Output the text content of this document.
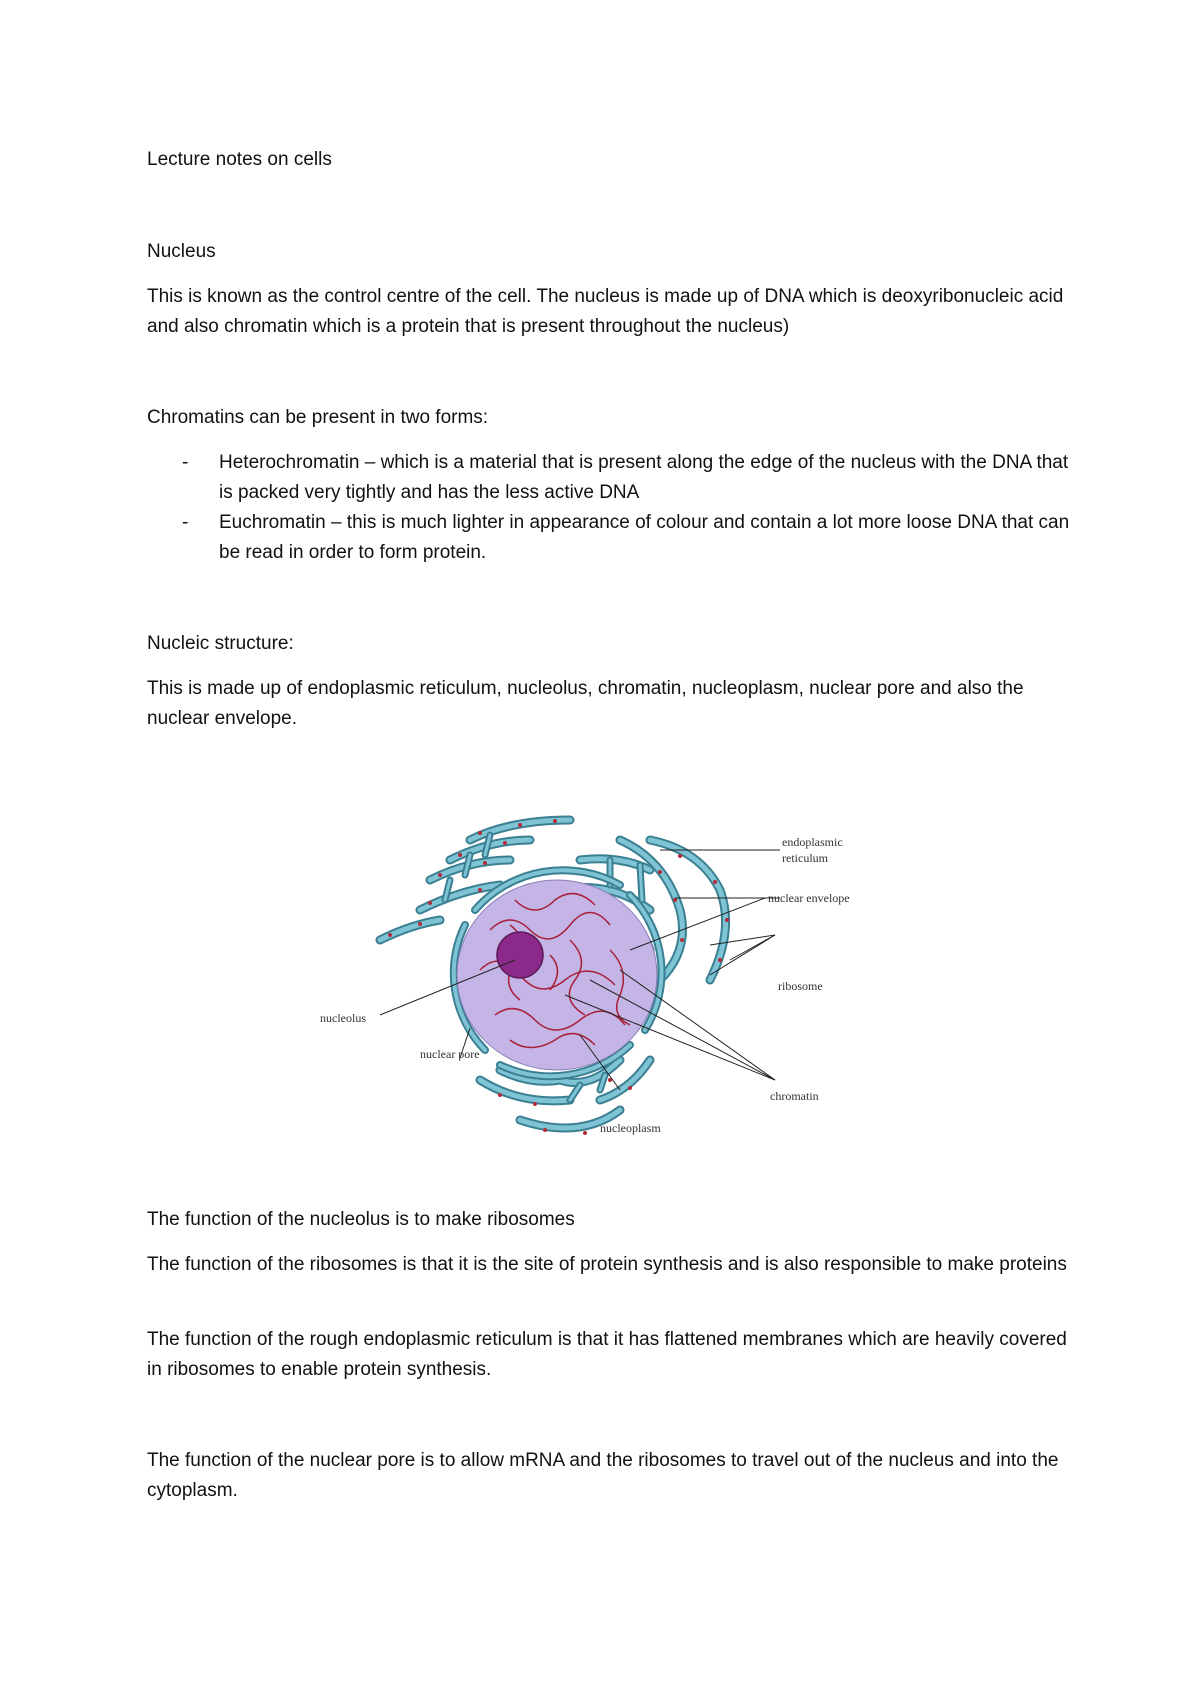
Lecture notes on cells

Nucleus

This is known as the control centre of the cell. The nucleus is made up of DNA which is deoxyribonucleic acid and also chromatin which is a protein that is present throughout the nucleus)

Chromatins can be present in two forms:

- Heterochromatin – which is a material that is present along the edge of the nucleus with the DNA that is packed very tightly and has the less active DNA
- Euchromatin – this is much lighter in appearance of colour and contain a lot more loose DNA that can be read in order to form protein.

Nucleic structure:

This is made up of endoplasmic reticulum, nucleolus, chromatin, nucleoplasm, nuclear pore and also the nuclear envelope.

endoplasmic
reticulum
nuclear envelope
ribosome
nucleolus
nuclear pore
chromatin
nucleoplasm

The function of the nucleolus is to make ribosomes

The function of the ribosomes is that it is the site of protein synthesis and is also responsible to make proteins

The function of the rough endoplasmic reticulum is that it has flattened membranes which are heavily covered in ribosomes to enable protein synthesis.

The function of the nuclear pore is to allow mRNA and the ribosomes to travel out of the nucleus and into the cytoplasm.
